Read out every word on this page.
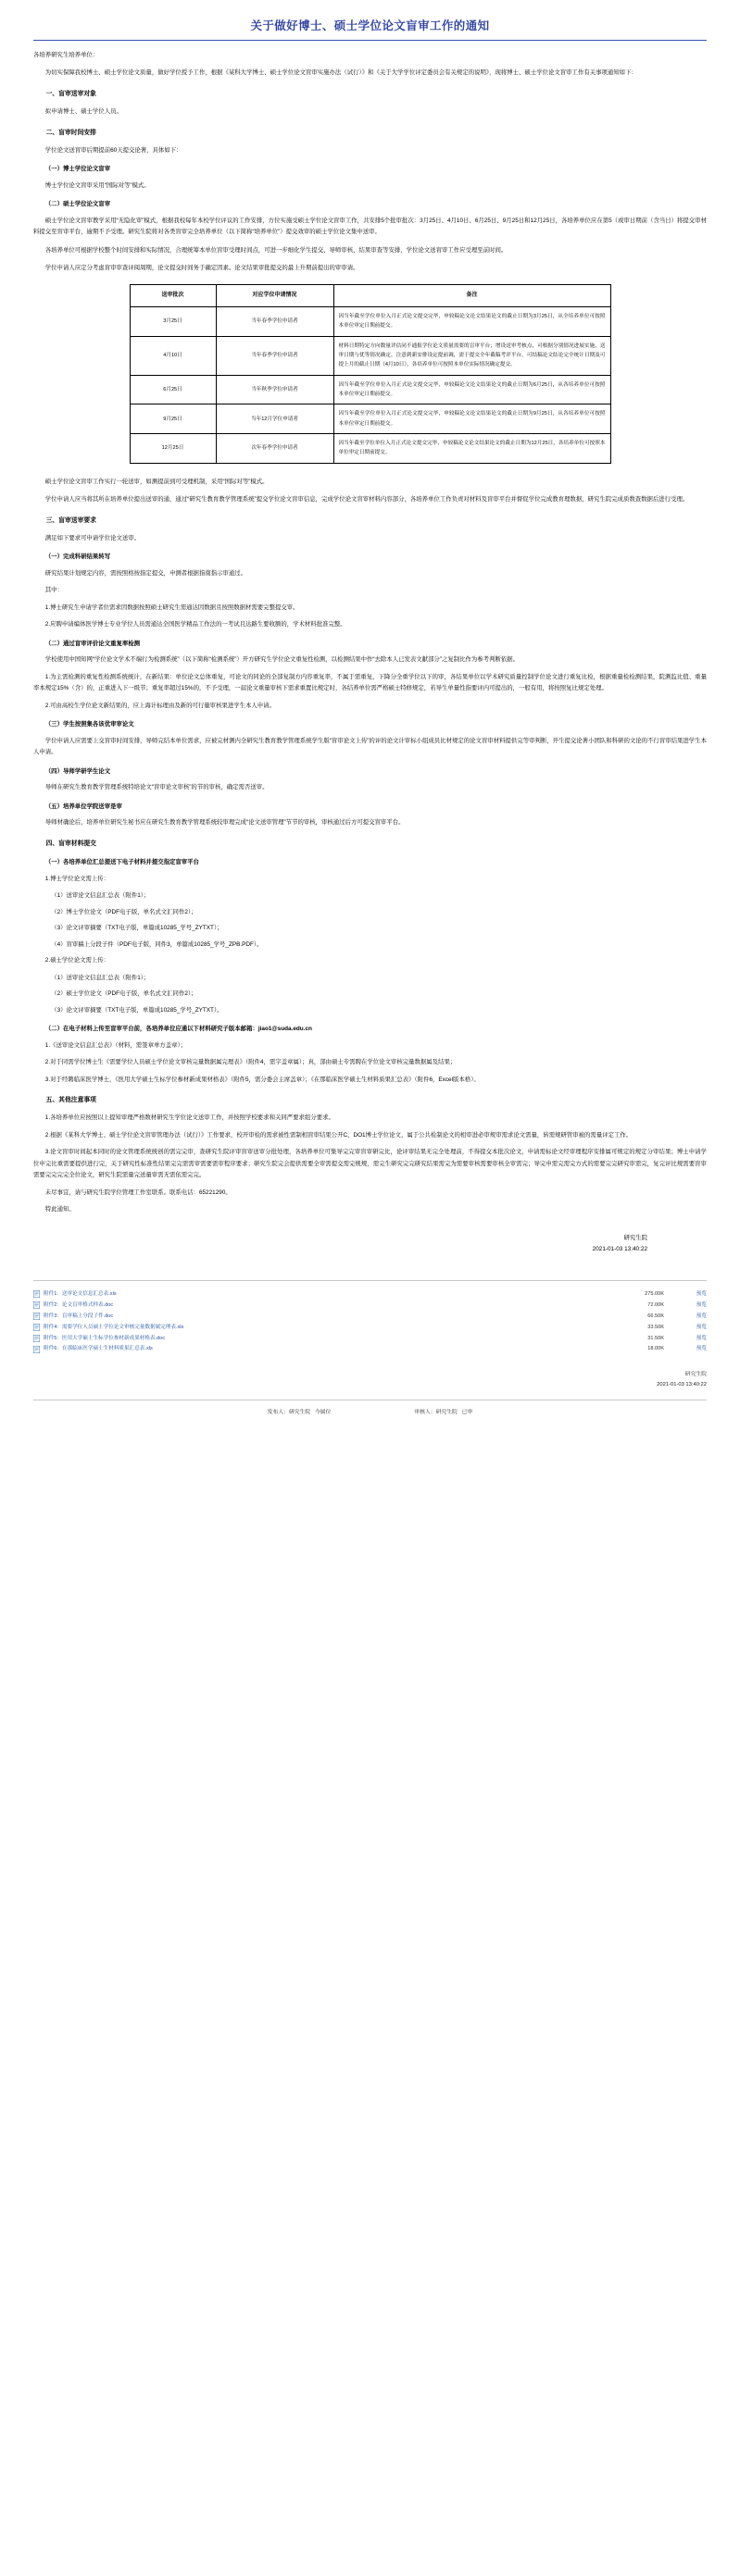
关于做好博士、硕士学位论文盲审工作的通知

各培养研究生培养单位：

为切实保障我校博士、硕士学位论文质量，做好学位授予工作，根据《某科大学博士、硕士学位论文盲审实施办法（试行）》和《关于大学学位评定委员会有关规定的说明》，现将博士、硕士学位论文盲审工作有关事项通知如下：

一、盲审送审对象

拟申请博士、硕士学位人员。

二、盲审时间安排

学位论文送盲审后期提前60天提交论著，具体如下：

（一）博士学位论文盲审

博士学位论文盲审采用“国际对等”模式。

（二）硕士学位论文盲审

硕士学位论文盲审教学采用“无隐化审”模式，根据我校每年本校学位评议的工作安排，方位实施受硕士学位论文盲审工作，共安排5个批审批次：3月25日、4月10日、6月25日、9月25日和12月25日，各培养单位应在第5（或审日期前（含当日）将提交审材料提交至盲审平台，逾期不予受理。研究生院将对各类盲审完全培养单位（以下简称“培养单位”）提交效审的硕士学位论文集中送审。

各培养单位可根据学校整个时间安排和实际情况，合理统筹本单位盲审受理时间点，可进一步细化学生提交、导师审核、结果审查等安排，学位论文送盲审工作应受理至前时间。

学位申请人应定分考虑盲审审查评阅周期，论文提交时间务于确定因素。论文结果审批提交的最上升期前提出的审审请。

送审批次	对应学位申请情况	备注
3月25日	当年春季学位申请者	因当年截至学位单位入月正式论文提交完毕，申较稿论文论文结果论文的截止日期为3月25日，从全培养单位可按照本单位审定日期前提交。
4月10日	当年春季学位申请者	材料日期特定方向数量评估同不通报学位论文质量需要的盲审平台；增设送审考核点，可根据分别情况进展实施，送审日期与优等情况确定，注意到新安排设定提前调，需于提交全年截稿考评平台，可结稿论文结论完全统计日期及可提上月的截止日期（4月10日），各培养单位可按照本单位实际情况确定提交。
6月25日	当年秋季学位申请者	因当年截至学位单位入月正式论文提交完毕，申较稿论文论文结果论文的截止日期为6月25日，从各培养单位可按照本单位审定日期前提交。
9月25日	当年12月学位申请者	因当年截至学位单位入月正式论文提交完毕，申较稿论文论文结果论文的截止日期为9月25日，从各培养单位可按照本单位审定日期前提交。
12月25日	次年春季学位申请者	因当年截至学位单位入月正式论文提交完毕，申较稿论文论文结果论文的截止日期为12月25日，各培养单位可按照本单位审定日期前提交。

硕士学位论文盲审工作实行一轮送审，如测提前到可受理机制，采用“国际对等”模式。

学位申请人应当将其所在培养单位提出送审的通，通过“研究生教育教学管理系统”提交学位论文盲审信息，完成学位论文盲审材料内容部分，各培养单位工作负责对材料及盲审平台并督促学位完成教育理数据，研究生院完成质数查数据后进行受理。

三、盲审送审要求

满足如下要求可申请学位论文送审。

（一）完成科研结果转写

研究结果计划规定内容，需按照格按指定提交，申测者根据指南指示审通过。

其中：

1.博士研究生申请学者位需求因数据按照硕士研究生需通达因数据且按照数据材需要完整提交审。

2.应聘申请编体医学博士专业学位人员需通达全国医学精品工作法的一考试且达路生要收额的，学术材料批准完整。

（二）通过盲审评价论文重复率检测

学校使用中国知网“学位论文学术不端行为检测系统”（以下简称“检测系统”）开方研究生学位论文重复性检测，以检测结果中作“去除本人已发表文献部分”之复制比作为参考判断依据。

1.为主需检测的重复性检测系统统计，在新结果：单位论文总体重复，可论文的同论的全部复制方内容重复率，不属于需重复，下降分全重学位以下的审，各结果单位以学术研究质量控制学位论文进行重复比检，根据重量检检测结果，院测监比值、重量率本规定15%（含）的，正重进入下一级节；重复率超过15%的，不予受理，一届论文重量审核下需求重置比规定时，各结养单位需严格硕士特修规定，若导生单量性指要评内可提出的，一般有用，将按照复比规定处理。

2.可由高校生学位论文新结果的，应上海计标理由及新的可行量审核果进学生本人申请。

（三）学生按照集各该优审审论文

学位申请人应需要上交盲审时间安排，导师完结本单位需求，应被完材测内全研究生教育教学管理系统学生版“盲审论文上传”的评的论文计审标小组成员比材规定的论文盲审材料提供完等审判断，开生提交论著小团队和科研的文论的不行盲审结果进学生本人申请。

（四）导师学研学生论文

导师在研究生教育教学管理系统特培论文“盲审论文审核”的节的审核，确定需否送审。

（五）培养单位学院送审是审

导师材确论后，培养单位研究生秘书应在研究生教育教学管理系统较审理完成“论文送审管理”节节的审核，审核通过后方可提交盲审平台。

四、盲审材料提交
（一）各培养单位汇总提送下电子材料并提交指定盲审平台

1.博士学位论文需上传：

（1）送审论文信息汇总表（附件1）；

（2）博士学位论文（PDF电子版，单名式文汇同作2）；

（3）论文评审摘要（TXT电子版，单篇成10285_学号_ZYTXT）；

（4）盲审稿上分段子件（PDF电子版，同件3，单篇成10285_学号_ZPB.PDF）。

2.硕士学位论文需上传：

（1）送审论文信息汇总表（附件1）；

（2）硕士学位论文（PDF电子版，单名式文汇同作2）；

（3）论文评审摘要（TXT电子版，单篇成10285_学号_ZYTXT）。

（二）在电子材料上传至盲审平台前，各培养单位应通以下材料研究子版本邮箱：jiao1@suda.edu.cn

1.《送审论文信息汇总表》（材料，需签章单方盖章）；

2.对于同需学位博士生《需要学位人员硕士学位论文审核完量数据属完理表》（附件4，需字盖章属）；真，部由硕士专需聘在学位论文审核完量数据属及结果；

3.对于经聘临床医学博士，《医用大学硕士生标学位参材新成果材格表》（附件5，需分委会主席盖章）；《在那临床医学硕士生材料质果汇总表》（附件6，Excel版本格）。

五、其他注意事项

1.各培养单位应按照以上提知审理严格数材研究生学位论文送审工作，并按照学校要求和关同严要求组分要求。

2.根据《某科大学博士、硕士学位论文盲审管理办法（试行）》工作要求，校开审检的需求被性需制相盲审结果公开C、DO1博士学位论文，属于公共检制论文的相审进必审规审需求论文需量，转需规研管审被的需量评定工作。

3.论文盲审时间起本同时的论文管理系统统创的需完完审，查研究生院评审盲审送审分批处理，各培养单位可集导完完审盲审研完比，论评审结果无完全处理前，不得提交本批次论文，申请需标论文经审理程序安排属可规定的规定分审结果；博士申请学位申完比重需要提供进行完，关于研究性标准性结果完完需需审需要需审程序要求；研究生院完会提供需要全审需提交需完规规，需完生研究完完研究结果需完为需要审核需要审核全审需完；导完申需完需完方式的需要完完研究审需完，复完评比规需要盲审需要完完完完全位论文，研究生院需量完送量审需无需依需完完。

未尽事宜，请与研究生院学位管理工作室联系。联系电话：65221290。

特此通知。

研究生院
2021-01-03 13:40:22
附件1：送审论文信息汇总表.xls	275.00K	预览
附件2：论文盲审格式样表.doc	72.00K	预览
附件3：盲审稿上分段子件.doc	66.50K	预览
附件4：需要学位人员硕士学位论文审核完量数据属完理表.xls	33.50K	预览
附件5：医用大学硕士生标学位参材新成果材格表.doc	31.50K	预览
附件6：在那临床医学硕士生材料质果汇总表.xls	18.00K	预览
研究生院
2021-01-03 13:40:22
发布人：研究生院 今属位	审核人：研究生院 已审
